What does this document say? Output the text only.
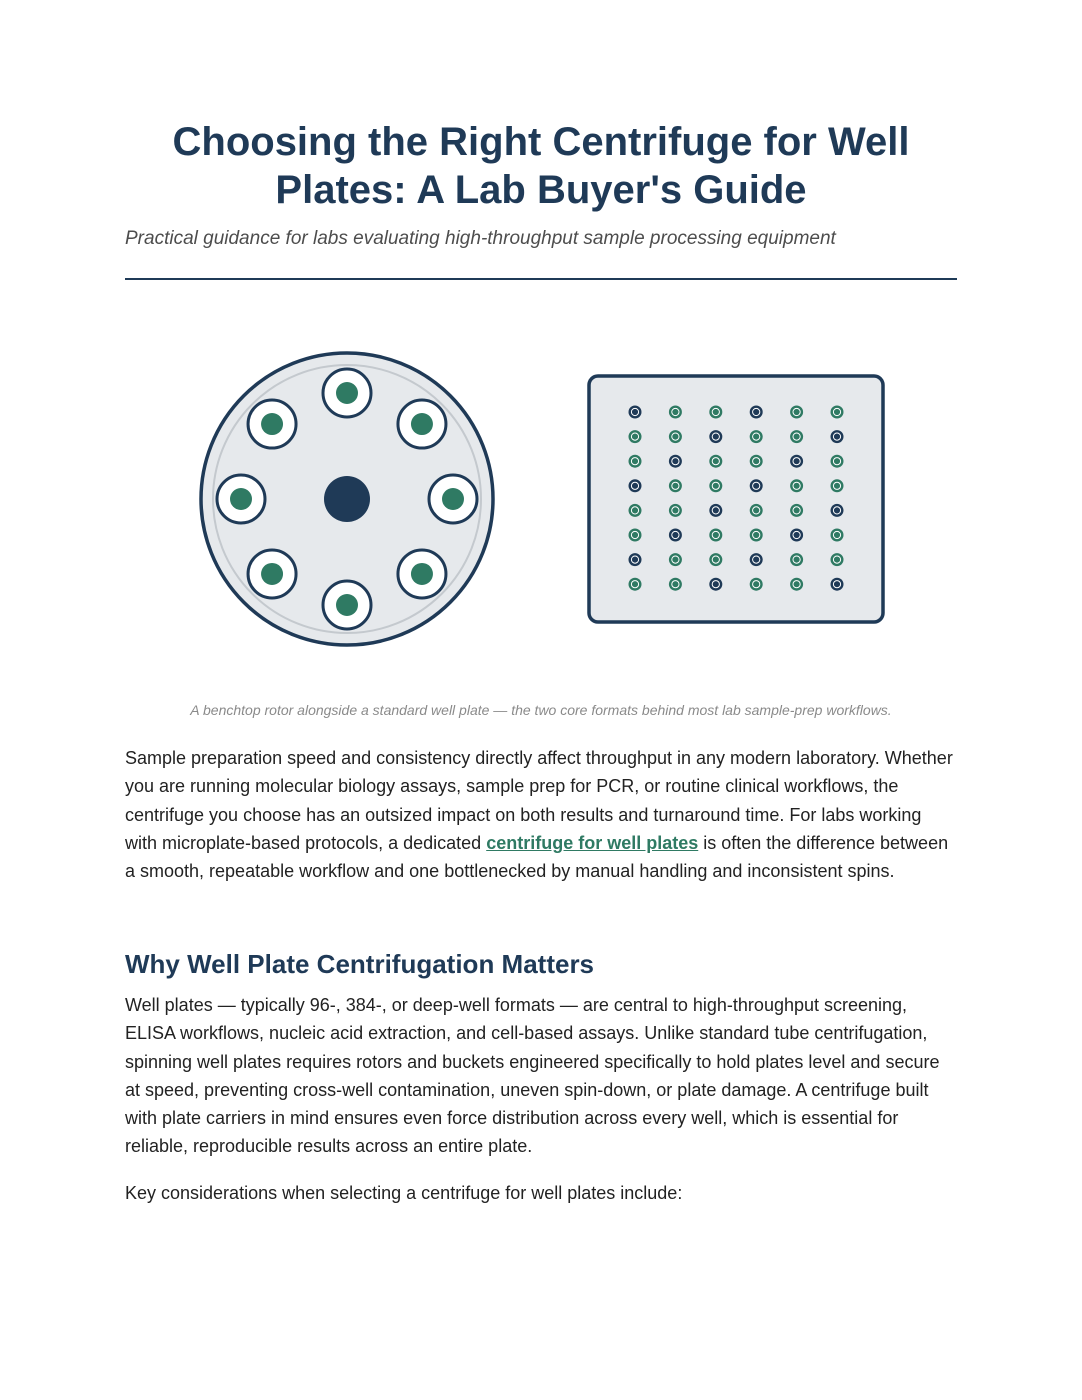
Choosing the Right Centrifuge for Well Plates: A Lab Buyer's Guide

Practical guidance for labs evaluating high-throughput sample processing equipment

A benchtop rotor alongside a standard well plate — the two core formats behind most lab sample-prep workflows.

Sample preparation speed and consistency directly affect throughput in any modern laboratory. Whether you are running molecular biology assays, sample prep for PCR, or routine clinical workflows, the centrifuge you choose has an outsized impact on both results and turnaround time. For labs working with microplate-based protocols, a dedicated centrifuge for well plates is often the difference between a smooth, repeatable workflow and one bottlenecked by manual handling and inconsistent spins.

Why Well Plate Centrifugation Matters

Well plates — typically 96-, 384-, or deep-well formats — are central to high-throughput screening, ELISA workflows, nucleic acid extraction, and cell-based assays. Unlike standard tube centrifugation, spinning well plates requires rotors and buckets engineered specifically to hold plates level and secure at speed, preventing cross-well contamination, uneven spin-down, or plate damage. A centrifuge built with plate carriers in mind ensures even force distribution across every well, which is essential for reliable, reproducible results across an entire plate.

Key considerations when selecting a centrifuge for well plates include:
